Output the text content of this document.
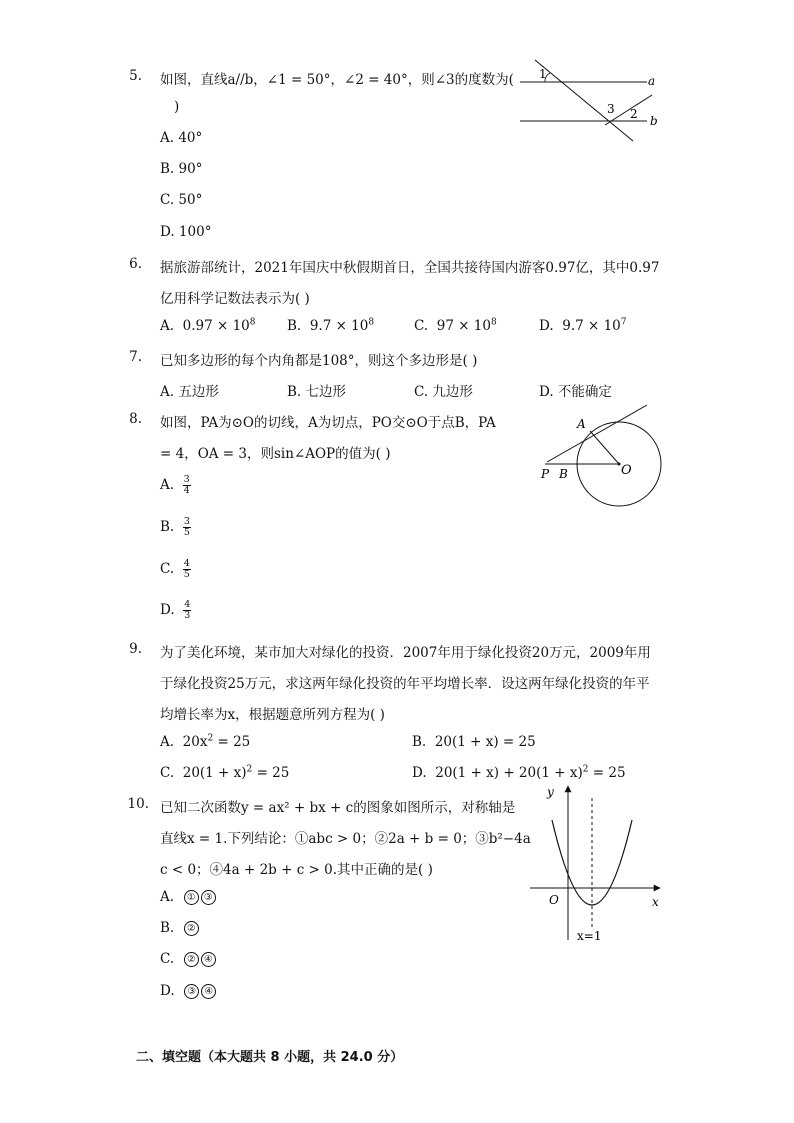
5. 如图，直线a//b，∠1 = 50°，∠2 = 40°，则∠3的度数为(
)
A. 40°
B. 90°
C. 50°
D. 100°
1
3 2
a
b
6. 据旅游部统计，2021年国庆中秋假期首日，全国共接待国内游客0.97亿，其中0.97
亿用科学记数法表示为( )
A. $0.97 \times 10^8$ B. $9.7 \times 10^8$	C. $97 \times 10^8$	D. $9.7 \times 10^7$
7. 已知多边形的每个内角都是108°，则这个多边形是( )
A. 五边形	B. 七边形	C. 九边形	D. 不能确定
8. 如图，PA为⊙O的切线，A为切点，PO交⊙O于点B，PA
= 4，OA = 3，则sin∠AOP的值为( )
A. $\frac{3}{4}$
B. $\frac{3}{5}$
C. $\frac{4}{5}$
D. $\frac{4}{3}$
A
P B	O
9. 为了美化环境，某市加大对绿化的投资．2007年用于绿化投资20万元，2009年用
于绿化投资25万元，求这两年绿化投资的年平均增长率．设这两年绿化投资的年平
均增长率为x，根据题意所列方程为( )
A. $20x^2 = 25$	B. 20(1 + x) = 25
C. $20(1 + x)^2 = 25$	D. $20(1 + x) + 20(1 + x)^2 = 25$
10. 已知二次函数y = ax² + bx + c的图象如图所示，对称轴是
直线x = 1.下列结论：①abc > 0；②2a + b = 0；③b²−4a
c < 0；④4a + 2b + c > 0.其中正确的是( )
A. ① ③
B. ②
C. ② ④
D. ③ ④
y
x
O
x=1
二、填空题（本大题共 8 小题，共 24.0 分）
